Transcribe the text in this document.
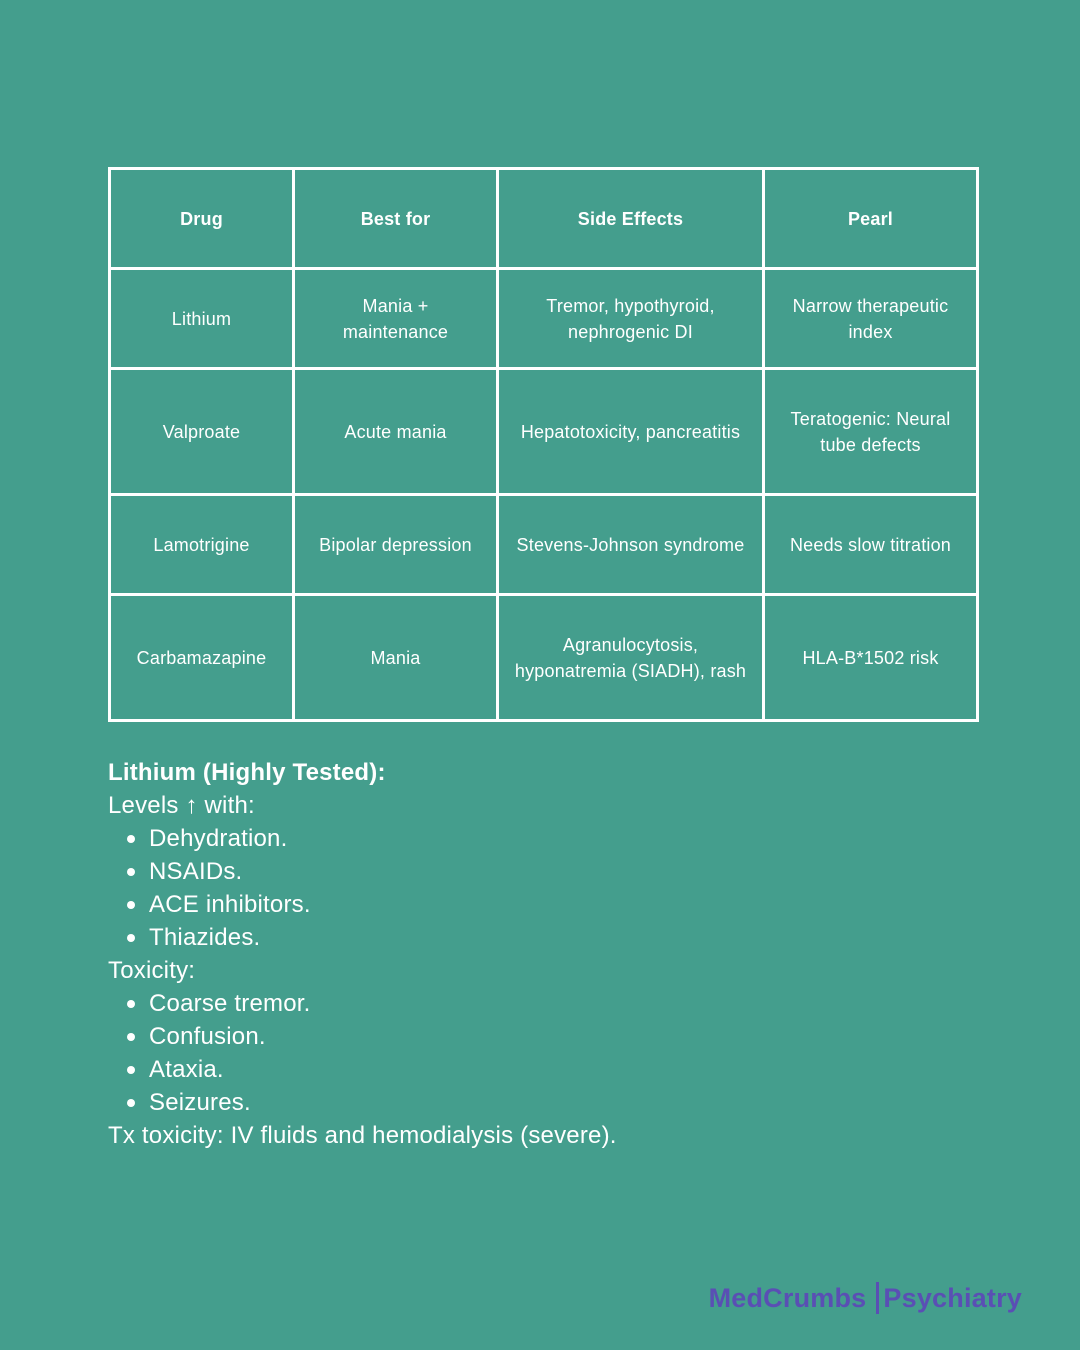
Drug	Best for	Side Effects	Pearl
Lithium	Mania + maintenance	Tremor, hypothyroid, nephrogenic DI	Narrow therapeutic index
Valproate	Acute mania	Hepatotoxicity, pancreatitis	Teratogenic: Neural tube defects
Lamotrigine	Bipolar depression	Stevens-Johnson syndrome	Needs slow titration
Carbamazapine	Mania	Agranulocytosis, hyponatremia (SIADH), rash	HLA-B*1502 risk
Lithium (Highly Tested):
Levels ↑ with:
Dehydration.
NSAIDs.
ACE inhibitors.
Thiazides.
Toxicity:
Coarse tremor.
Confusion.
Ataxia.
Seizures.
Tx toxicity: IV fluids and hemodialysis (severe).
MedCrumbs Psychiatry
